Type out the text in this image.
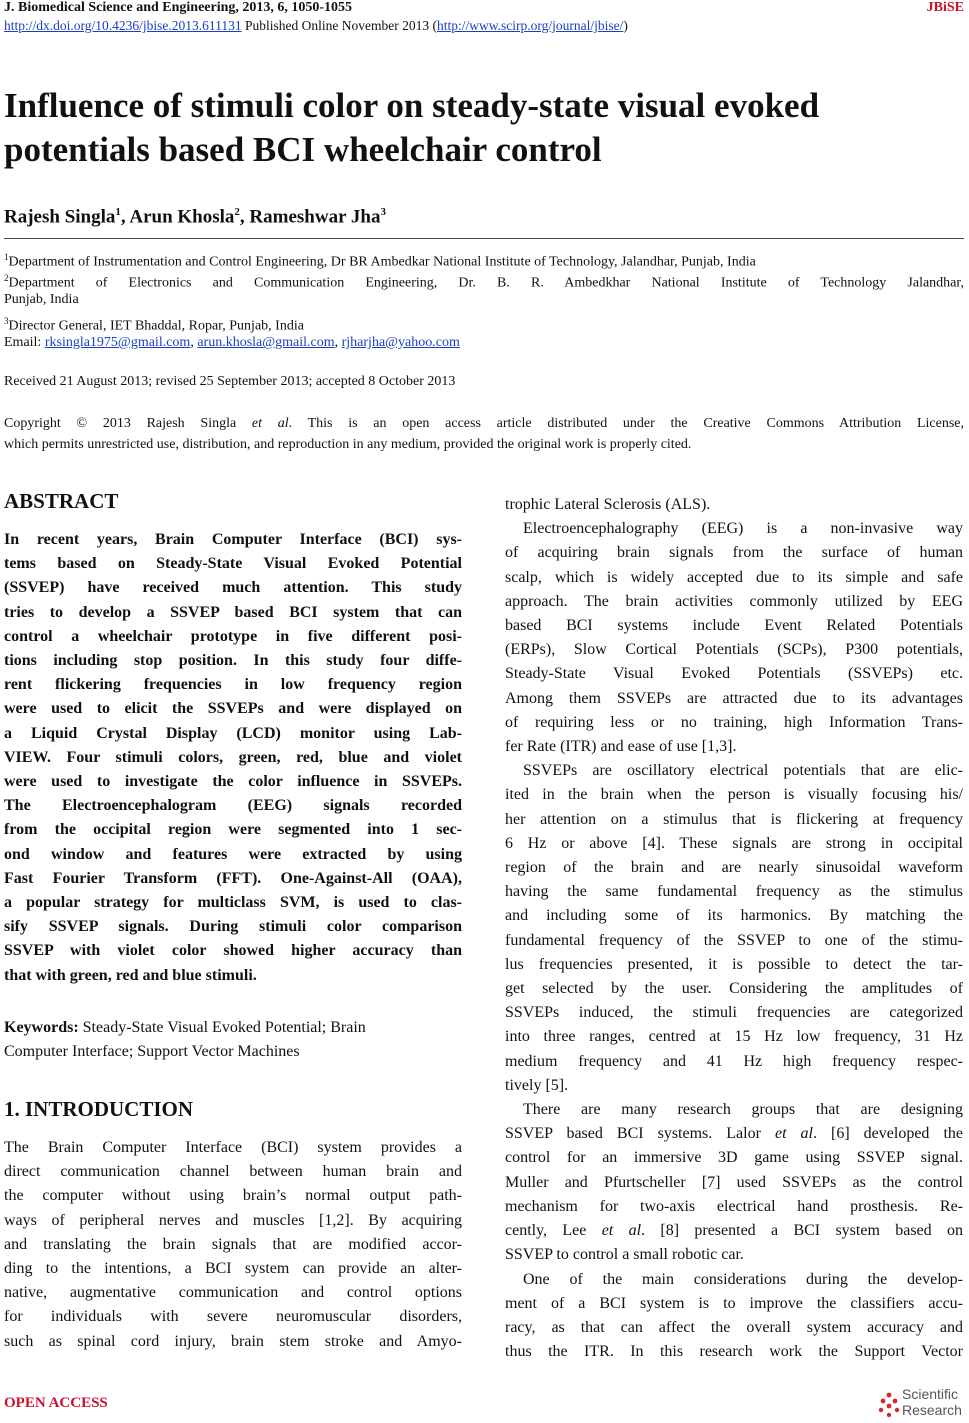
J. Biomedical Science and Engineering, 2013, 6, 1050-1055	JBiSE
http://dx.doi.org/10.4236/jbise.2013.611131 Published Online November 2013 (http://www.scirp.org/journal/jbise/)
Influence of stimuli color on steady-state visual evoked
potentials based BCI wheelchair control
Rajesh Singla$^1$, Arun Khosla$^2$, Rameshwar Jha$^3$
$^1$Department of Instrumentation and Control Engineering, Dr BR Ambedkar National Institute of Technology, Jalandhar, Punjab, India
$^2$Department of Electronics and Communication Engineering, Dr. B. R. Ambedkhar National Institute of Technology Jalandhar,
Punjab, India
$^3$Director General, IET Bhaddal, Ropar, Punjab, India
Email: rksingla1975@gmail.com, arun.khosla@gmail.com, rjharjha@yahoo.com
Received 21 August 2013; revised 25 September 2013; accepted 8 October 2013
Copyright © 2013 Rajesh Singla et al. This is an open access article distributed under the Creative Commons Attribution License,
which permits unrestricted use, distribution, and reproduction in any medium, provided the original work is properly cited.
ABSTRACT
In recent years, Brain Computer Interface (BCI) sys-
tems based on Steady-State Visual Evoked Potential
(SSVEP) have received much attention. This study
tries to develop a SSVEP based BCI system that can
control a wheelchair prototype in five different posi-
tions including stop position. In this study four diffe-
rent flickering frequencies in low frequency region
were used to elicit the SSVEPs and were displayed on
a Liquid Crystal Display (LCD) monitor using Lab-
VIEW. Four stimuli colors, green, red, blue and violet
were used to investigate the color influence in SSVEPs.
The Electroencephalogram (EEG) signals recorded
from the occipital region were segmented into 1 sec-
ond window and features were extracted by using
Fast Fourier Transform (FFT). One-Against-All (OAA),
a popular strategy for multiclass SVM, is used to clas-
sify SSVEP signals. During stimuli color comparison
SSVEP with violet color showed higher accuracy than
that with green, red and blue stimuli.
Keywords: Steady-State Visual Evoked Potential; Brain
Computer Interface; Support Vector Machines
1. INTRODUCTION
The Brain Computer Interface (BCI) system provides a
direct communication channel between human brain and
the computer without using brain’s normal output path-
ways of peripheral nerves and muscles [1,2]. By acquiring
and translating the brain signals that are modified accor-
ding to the intentions, a BCI system can provide an alter-
native, augmentative communication and control options
for individuals with severe neuromuscular disorders,
such as spinal cord injury, brain stem stroke and Amyo-
trophic Lateral Sclerosis (ALS).
Electroencephalography (EEG) is a non-invasive way
of acquiring brain signals from the surface of human
scalp, which is widely accepted due to its simple and safe
approach. The brain activities commonly utilized by EEG
based BCI systems include Event Related Potentials
(ERPs), Slow Cortical Potentials (SCPs), P300 potentials,
Steady-State Visual Evoked Potentials (SSVEPs) etc.
Among them SSVEPs are attracted due to its advantages
of requiring less or no training, high Information Trans-
fer Rate (ITR) and ease of use [1,3].
SSVEPs are oscillatory electrical potentials that are elic-
ited in the brain when the person is visually focusing his/
her attention on a stimulus that is flickering at frequency
6 Hz or above [4]. These signals are strong in occipital
region of the brain and are nearly sinusoidal waveform
having the same fundamental frequency as the stimulus
and including some of its harmonics. By matching the
fundamental frequency of the SSVEP to one of the stimu-
lus frequencies presented, it is possible to detect the tar-
get selected by the user. Considering the amplitudes of
SSVEPs induced, the stimuli frequencies are categorized
into three ranges, centred at 15 Hz low frequency, 31 Hz
medium frequency and 41 Hz high frequency respec-
tively [5].
There are many research groups that are designing
SSVEP based BCI systems. Lalor et al. [6] developed the
control for an immersive 3D game using SSVEP signal.
Muller and Pfurtscheller [7] used SSVEPs as the control
mechanism for two-axis electrical hand prosthesis. Re-
cently, Lee et al. [8] presented a BCI system based on
SSVEP to control a small robotic car.
One of the main considerations during the develop-
ment of a BCI system is to improve the classifiers accu-
racy, as that can affect the overall system accuracy and
thus the ITR. In this research work the Support Vector
OPEN ACCESS
Scientific
Research
